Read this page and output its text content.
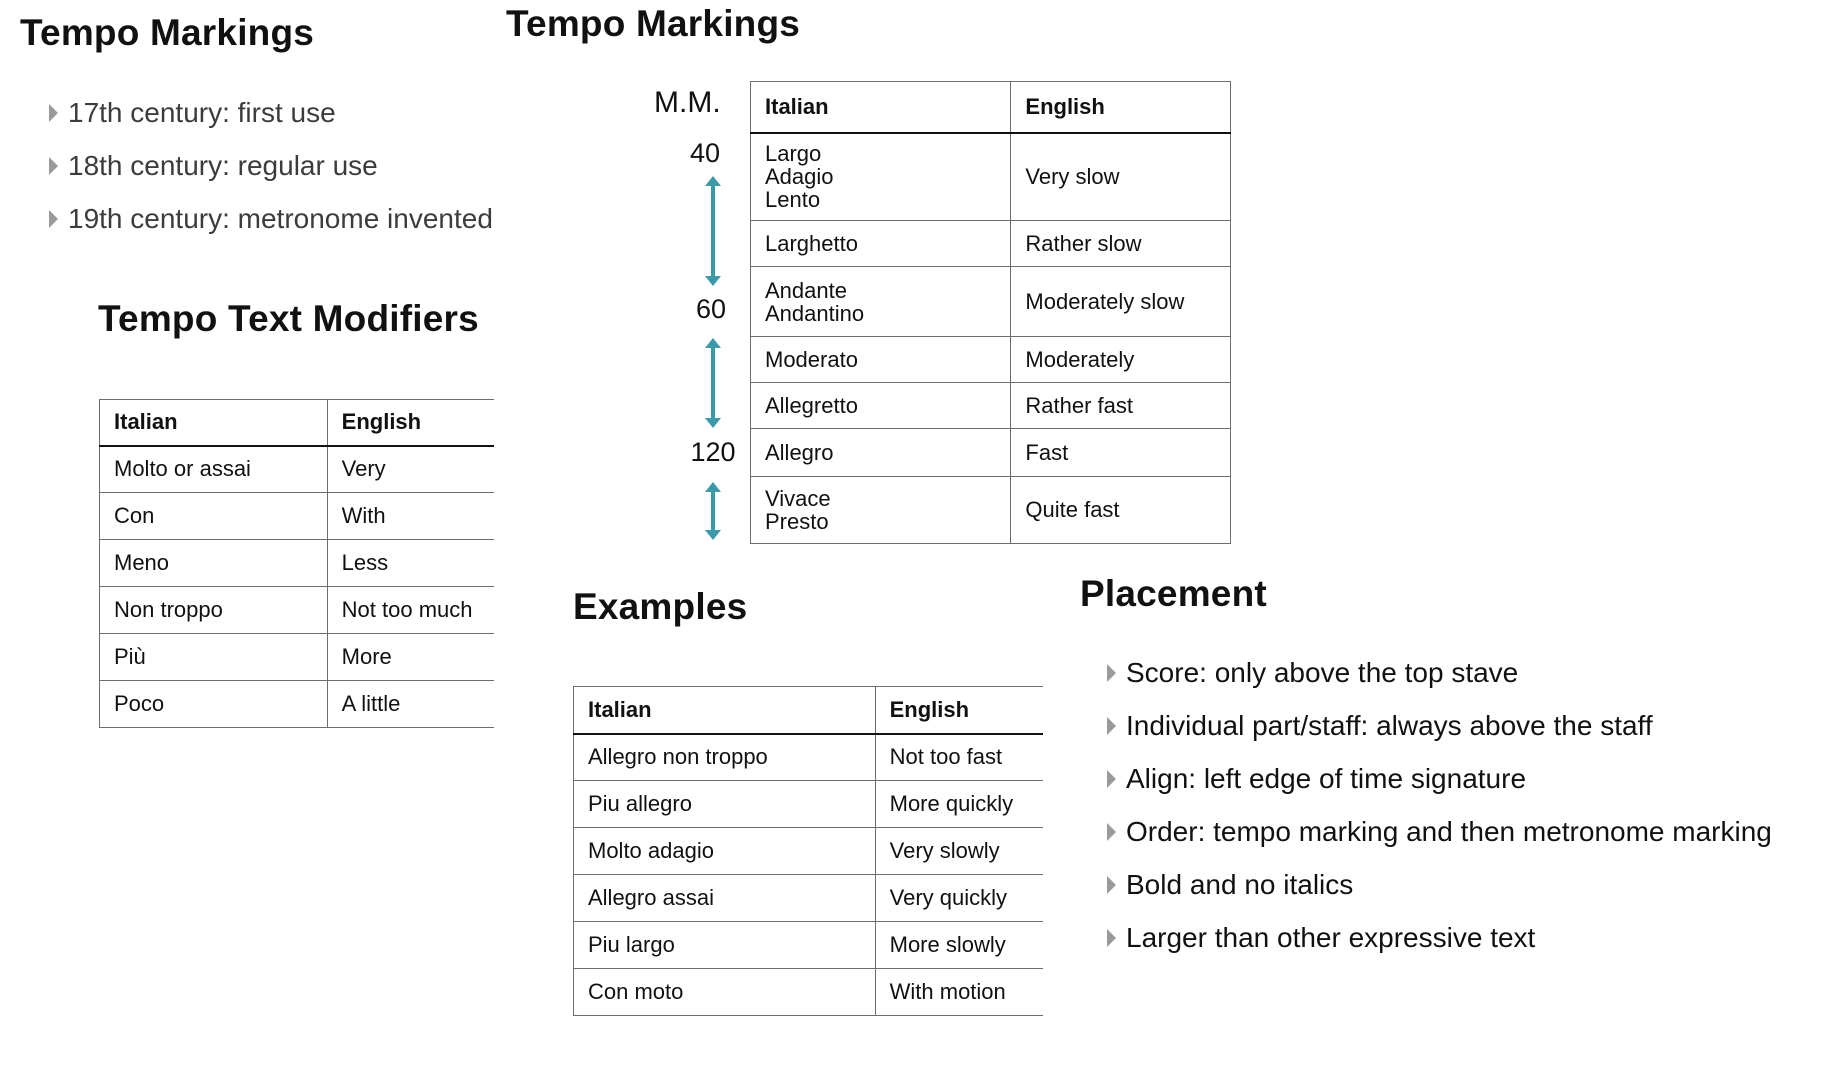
Tempo Markings
17th century: first use
18th century: regular use
19th century: metronome invented
Tempo Text Modifiers
Italian	English
Molto or assai	Very
Con	With
Meno	Less
Non troppo	Not too much
Più	More
Poco	A little
Tempo Markings
M.M.
40
60
120
Italian	English

Largo
Adagio
Lento	Very slow

Larghetto	Rather slow

Andante
Andantino	Moderately slow

Moderato	Moderately

Allegretto	Rather fast

Allegro	Fast

Vivace
Presto	Quite fast
Examples
Italian	English
Allegro non troppo	Not too fast
Piu allegro	More quickly
Molto adagio	Very slowly
Allegro assai	Very quickly
Piu largo	More slowly
Con moto	With motion
Placement
Score: only above the top stave
Individual part/staff: always above the staff
Align: left edge of time signature
Order: tempo marking and then metronome marking
Bold and no italics
Larger than other expressive text
